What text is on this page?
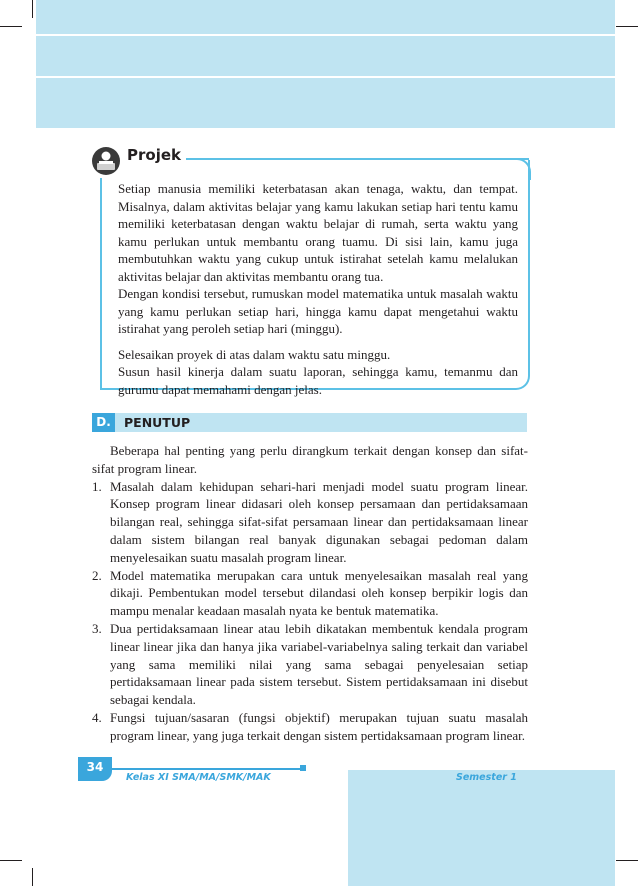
Projek

Setiap manusia memiliki keterbatasan akan tenaga, waktu, dan tempat. Misalnya, dalam aktivitas belajar yang kamu lakukan setiap hari tentu kamu memiliki keterbatasan dengan waktu belajar di rumah, serta waktu yang kamu perlukan untuk membantu orang tuamu. Di sisi lain, kamu juga membutuhkan waktu yang cukup untuk istirahat setelah kamu melalukan aktivitas belajar dan aktivitas membantu orang tua.

Dengan kondisi tersebut, rumuskan model matematika untuk masalah waktu yang kamu perlukan setiap hari, hingga kamu dapat mengetahui waktu istirahat yang peroleh setiap hari (minggu).

Selesaikan proyek di atas dalam waktu satu minggu.

Susun hasil kinerja dalam suatu laporan, sehingga kamu, temanmu dan gurumu dapat memahami dengan jelas.

D.	PENUTUP

Beberapa hal penting yang perlu dirangkum terkait dengan konsep dan sifat-sifat program linear.

1. Masalah dalam kehidupan sehari-hari menjadi model suatu program linear. Konsep program linear didasari oleh konsep persamaan dan pertidaksamaan bilangan real, sehingga sifat-sifat persamaan linear dan pertidaksamaan linear dalam sistem bilangan real banyak digunakan sebagai pedoman dalam menyelesaikan suatu masalah program linear.
2. Model matematika merupakan cara untuk menyelesaikan masalah real yang dikaji. Pembentukan model tersebut dilandasi oleh konsep berpikir logis dan mampu menalar keadaan masalah nyata ke bentuk matematika.
3. Dua pertidaksamaan linear atau lebih dikatakan membentuk kendala program linear linear jika dan hanya jika variabel-variabelnya saling terkait dan variabel yang sama memiliki nilai yang sama sebagai penyelesaian setiap pertidaksamaan linear pada sistem tersebut. Sistem pertidaksamaan ini disebut sebagai kendala.
4. Fungsi tujuan/sasaran (fungsi objektif) merupakan tujuan suatu masalah program linear, yang juga terkait dengan sistem pertidaksamaan program linear.
34
Kelas XI SMA/MA/SMK/MAK	Semester 1
